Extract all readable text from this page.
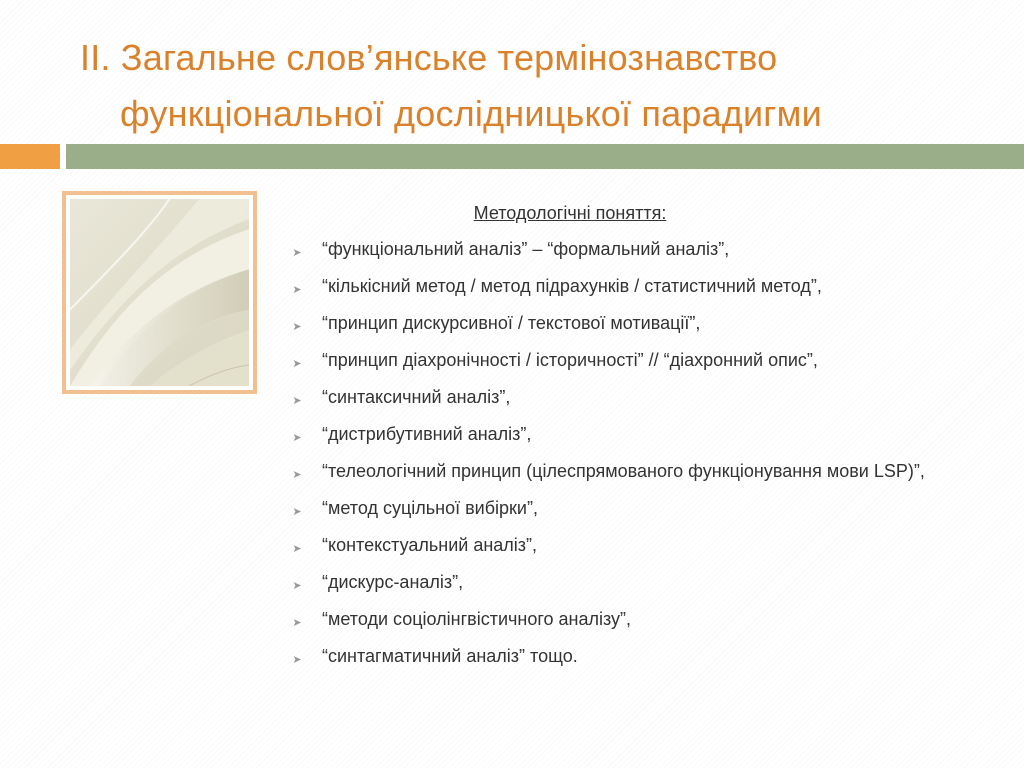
II. Загальне слов’янське термінознавство
функціональної дослідницької парадигми
Методологічні поняття:
➤ “функціональний аналіз” – “формальний аналіз”,
➤ “кількісний метод / метод підрахунків / статистичний метод”,
➤ “принцип дискурсивної / текстової мотивації”,
➤ “принцип діахронічності / історичності” // “діахронний опис”,
➤ “синтаксичний аналіз”,
➤ “дистрибутивний аналіз”,
➤ “телеологічний принцип (цілеспрямованого функціонування мови LSP)”,
➤ “метод суцільної вибірки”,
➤ “контекстуальний аналіз”,
➤ “дискурс-аналіз”,
➤ “методи соціолінгвістичного аналізу”,
➤ “синтагматичний аналіз” тощо.
